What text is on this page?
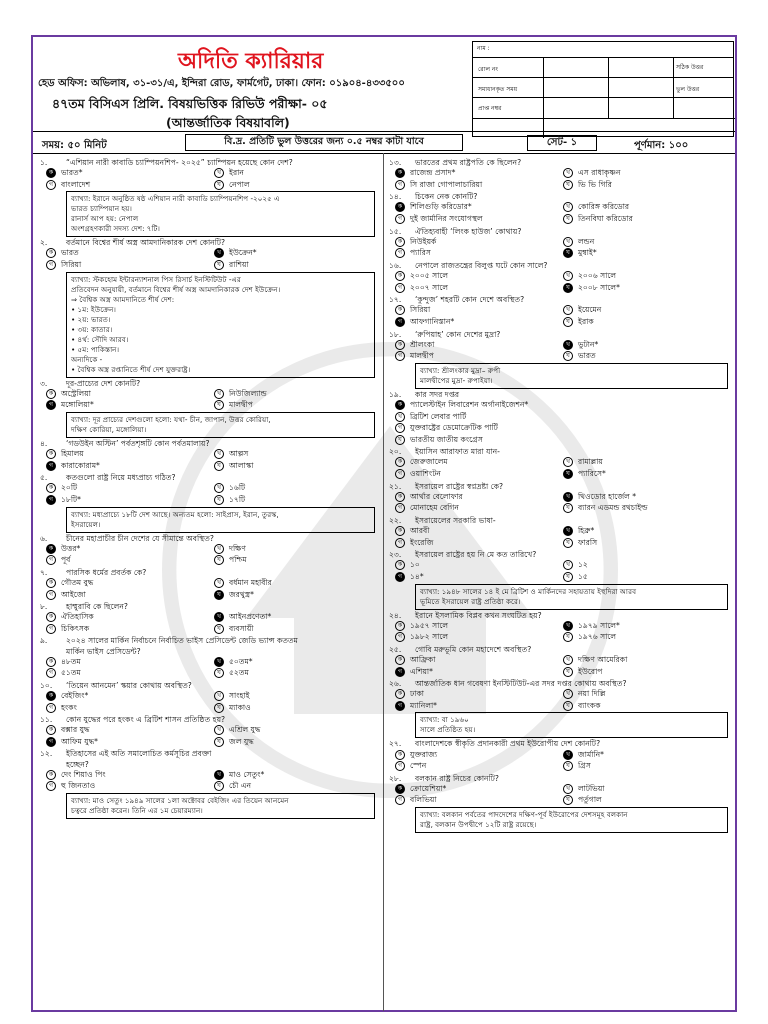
অদিতি ক্যারিয়ার
হেড অফিস: অভিলাষ, ৩১-৩১/এ, ইন্দিরা রোড, ফার্মগেট, ঢাকা। ফোন: ০১৯০৪-৪৩৩৫০০
৪৭তম বিসিএস প্রিলি. বিষয়ভিত্তিক রিভিউ পরীক্ষা- ০৫
(আন্তর্জাতিক বিষয়াবলি)
নাম :
রোল নং	সঠিক উত্তর
সমাধানকৃত সময়	ভুল উত্তর
প্রাপ্ত নম্বর
সময়: ৫০ মিনিট	বি.দ্র. প্রতিটি ভুল উত্তরের জন্য ০.৫ নম্বর কাটা যাবে	সেট- ১	পূর্ণমান: ১০০
১.	“এশিয়ান নারী কাবাডি চ্যাম্পিয়নশিপ- ২০২৫” চ্যাম্পিয়ন হয়েছে কোন দেশ?
ক ভারত*	খ ইরান
গ বাংলাদেশ	ঘ নেপাল
ব্যাখ্যা: ইরানে অনুষ্ঠিত ষষ্ঠ এশিয়ান নারী কাবাডি চ্যাম্পিয়নশিপ -২০২৫ এ
ভারত চ্যাম্পিয়ান হয়।
রানার্স আপ হয়: নেপাল
অংশগ্রহণকারী সদস্য দেশ: ৭টি।
২.	বর্তমানে বিশ্বের শীর্ষ অস্ত্র আমদানিকারক দেশ কোনটি?
ক ভারত	খ ইউক্রেন*
গ সিরিয়া	ঘ রাশিয়া
ব্যাখ্যা: স্টকহোম ইন্টারন্যাশনাল পিস রিসার্চ ইনস্টিটিউট -এর
প্রতিবেদন অনুযায়ী, বর্তমানে বিশ্বের শীর্ষ অস্ত্র আমদানিকারক দেশ ইউক্রেন।
⇒ বৈশ্বিক অস্ত্র আমদানিতে শীর্ষ দেশ:
• ১ম: ইউক্রেন।
• ২য়: ভারত।
• ৩য়: কাতার।
• ৪র্থ: সৌদি আরব।
• ৫ম: পাকিস্তান।
অন্যদিকে -
• বৈশ্বিক অস্ত্র রপ্তানিতে শীর্ষ দেশ যুক্তরাষ্ট্র।
৩.	দূর-প্রাচ্যের দেশ কোনটি?
ক অস্ট্রেলিয়া	খ নিউজিল্যান্ড
গ মঙ্গোলিয়া*	ঘ মালদ্বীপ
ব্যাখ্যা: দূর প্রাচ্যের দেশগুলো হলো: যথা- চীন, জাপান, উত্তর কোরিয়া,
দক্ষিণ কোরিয়া, মঙ্গোলিয়া।
৪.	‘গডউইন অস্টিন’ পর্বতশৃঙ্গটি কোন পর্বতমালায়?
ক হিমালয়	খ আল্পস
গ কারাকোরাম*	ঘ আলাস্কা
৫.	কতগুলো রাষ্ট্র নিয়ে মধ্যপ্রাচ্য গঠিত?
ক ২০টি	খ ১৬টি
গ ১৮টি*	ঘ ১৭টি
ব্যাখ্যা: মধ্যপ্রাচ্যে ১৮টি দেশ আছে। অন্যতম হলো: সাইপ্রাস, ইরান, তুরস্ক,
ইসরায়েল।
৬.	চীনের মহাপ্রাচীর চীন দেশের যে সীমান্তে অবস্থিত?
ক উত্তর*	খ দক্ষিণ
গ পূর্ব	ঘ পশ্চিম
৭.	পারসিক ধর্মের প্রবর্তক কে?
ক গৌতম বুদ্ধ	খ বর্ধমান মহাবীর
গ আইজো	ঘ জরথুস্ত্র*
৮.	হাম্মুরাবি কে ছিলেন?
ক ঐতিহাসিক	খ আইনপ্রণেতা*
গ চিকিৎসক	ঘ ব্যবসায়ী
৯.	২০২৪ সালের মার্কিন নির্বাচনে নির্বাচিত ভাইস প্রেসিডেন্ট জেডি ভ্যান্স কততম
মার্কিন ভাইস প্রেসিডেন্ট?
ক ৪৮তম	খ ৫০তম*
গ ৫১তম	ঘ ৫২তম
১০.	‘তিয়েন আনমেন’ স্কয়ার কোথায় অবস্থিত?
ক বেইজিং*	খ সাংহাই
গ হংকং	ঘ ম্যাকাও
১১.	কোন যুদ্ধের পরে হংকং এ ব্রিটিশ শাসন প্রতিষ্ঠিত হয়?
ক বক্সার যুদ্ধ	খ এশ্রিল যুদ্ধ
গ আফিম যুদ্ধ*	ঘ জল যুদ্ধ
১২.	ইতিহাসের এই অতি সমালোচিত কর্মসূচির প্রবক্তা
হচ্ছেন?
ক দেং শিয়াও পিং	খ মাও সেতুং*
গ হু জিনতাও	ঘ চৌ এন
ব্যাখ্যা: মাও সেতুং ১৯৪৯ সালের ১লা অক্টোবর বেইজিং এর তিয়েন আনমেন
চত্বরে প্রতিষ্ঠা করেন। তিনি এর ১ম চেয়ারম্যান।
১৩.	ভারতের প্রথম রাষ্ট্রপতি কে ছিলেন?
ক রাজেন্দ্র প্রসাদ*	খ এস রাধাকৃষ্ণন
গ সি রাজা গোপালাচারিয়া	ঘ ভি ভি গিরি
১৪.	চিকেন নেক কোনটি?
ক শিলিগুড়ি করিডোর*	খ কোরিঙ্গ করিডোর
গ দুই জার্মানির সংযোগস্থল	ঘ তিনবিঘা করিডোর
১৫.	ঐতিহ্যবাহী ‘লিংক হাউজ’ কোথায়?
ক নিউইয়র্ক	খ লন্ডন
গ প্যারিস	ঘ মুম্বাই*
১৬.	নেপালে রাজতন্ত্রের বিলুপ্ত ঘটে কোন সালে?
ক ২০০৫ সালে	খ ২০০৬ সালে
গ ২০০৭ সালে	ঘ ২০০৮ সালে*
১৭.	‘কুন্দুজ’ শহরটি কোন দেশে অবস্থিত?
ক সিরিয়া	খ ইয়েমেন
গ আফগানিস্তান*	ঘ ইরাক
১৮.	‘রুপিয়াহ’ কোন দেশের মুদ্রা?
ক শ্রীলংকা	খ ভুটান*
গ মালদ্বীপ	ঘ ভারত
ব্যাখ্যা: শ্রীলংকার মুদ্রা– রুপী
মালদ্বীপের মুদ্রা- রুপাইয়া।
১৯.	কার সদর দপ্তর
ক প্যালেস্টাইন লিবারেশন অর্গানাইজেশন*
খ ব্রিটিশ লেবার পার্টি
গ যুক্তরাষ্ট্রের ডেমোক্রেটিক পার্টি
ঘ ভারতীয় জাতীয় কংগ্রেস
২০.	ইয়াসিন আরাফাত মারা যান-
ক জেরুজালেম	খ রামাল্লায়
গ ওয়াশিংটন	ঘ প্যারিসে*
২১.	ইসরায়েল রাষ্ট্রের স্বপ্নদ্রষ্টা কে?
ক আর্থার বেলোফার	খ থিওডোর হার্জেল *
গ মোনাহেম বেগিন	ঘ ব্যারন এডমন্ড রথচাইল্ড
২২.	ইসরায়েলের সরকারি ভাষা-
ক আরবী	খ হিব্রু*
গ ইংরেজি	ঘ ফারসি
২৩.	ইসরায়েল রাষ্ট্রের হয় নি মে কত তারিখে?
ক ১০	খ ১২
গ ১৪*	ঘ ১৫
ব্যাখ্যা: ১৯৪৮ সালের ১৪ ই মে ব্রিটিশ ও মার্কিনদের সহায়তায় ইহুদিরা আরব
ভূমিতে ইসরায়েল রাষ্ট্র প্রতিষ্ঠা করে।
২৪.	ইরানে ইসলামিক বিপ্লব কখন সংঘটিত হয়?
ক ১৯৫৭ সালে	খ ১৯৭৯ সালে*
গ ১৯৮২ সালে	ঘ ১৯৭৬ সালে
২৫.	গোবি মরুভূমি কোন মহাদেশে অবস্থিত?
ক আফ্রিকা	খ দক্ষিণ আমেরিকা
গ এশিয়া*	ঘ ইউরোপ
২৬.	আন্তর্জাতিক ধান গবেষণা ইনস্টিটিউট-এর সদর দপ্তর কোথায় অবস্থিত?
ক ঢাকা	খ নয়া দিল্লি
গ ম্যানিলা*	ঘ ব্যাংকক
ব্যাখ্যা: বা ১৯৬০
সালে প্রতিষ্ঠিত হয়।
২৭.	বাংলাদেশকে স্বীকৃতি প্রদানকারী প্রথম ইউরোপীয় দেশ কোনটি?
ক যুক্তরাজ্য	খ জার্মানি*
গ স্পেন	ঘ গ্রিস
২৮.	বলকান রাষ্ট্র নিচের কোনটি?
ক ক্রোয়েশিয়া*	খ লাটভিয়া
গ বলিভিয়া	ঘ পর্তুগাল
ব্যাখ্যা: বলকান পর্বতের পাদদেশের দক্ষিণ-পূর্ব ইউরোপের দেশসমূহ বলকান
রাষ্ট্র, বলকান উপদ্বীপে ১২টি রাষ্ট্র রয়েছে।
